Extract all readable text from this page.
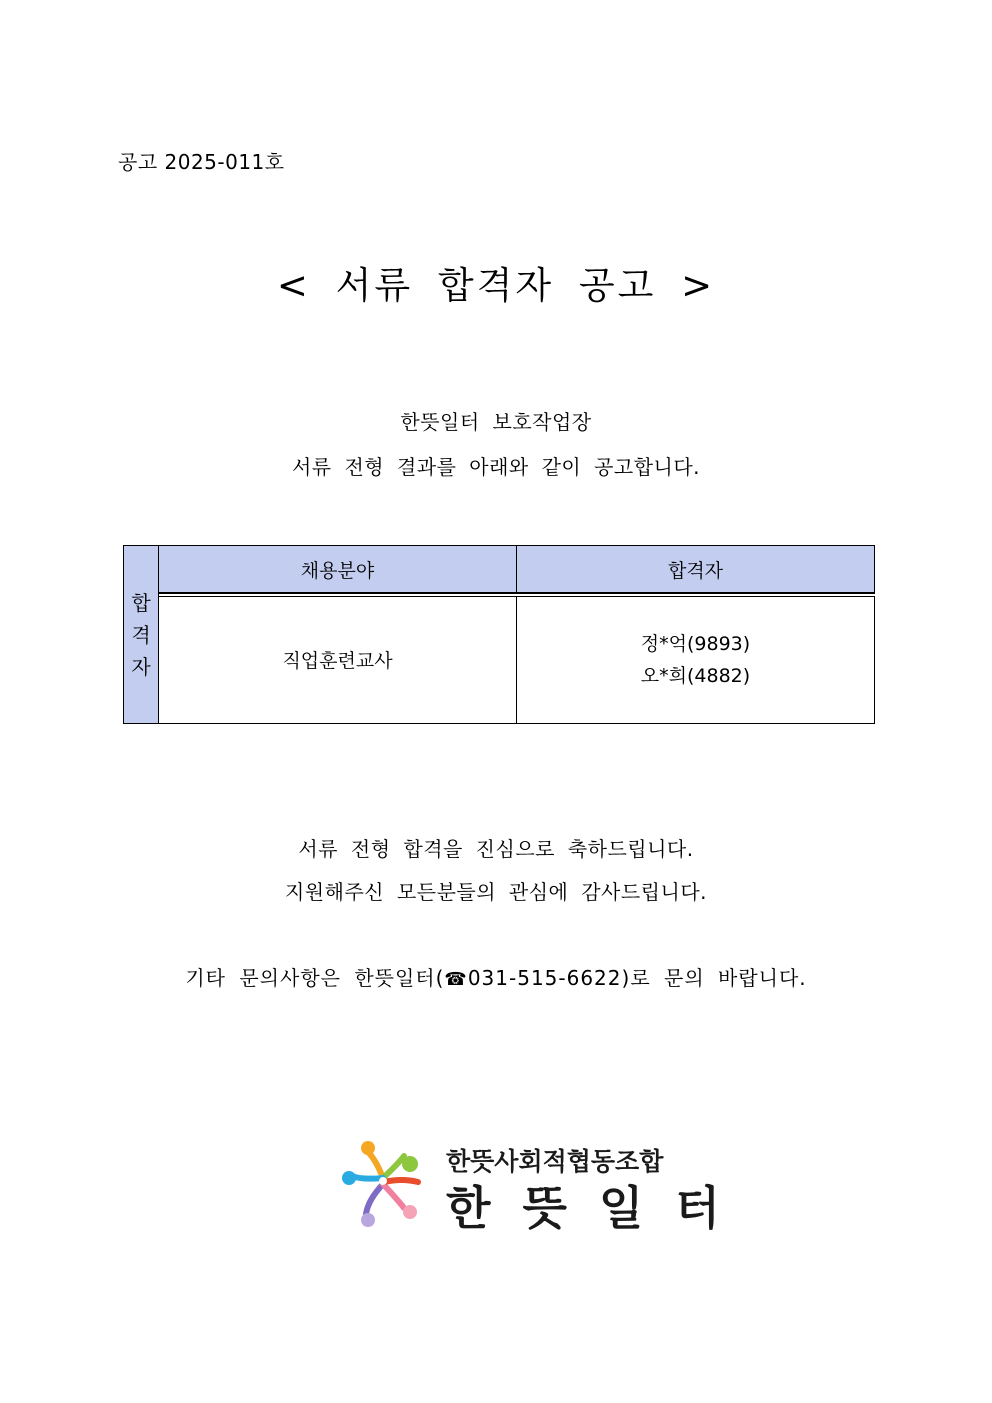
공고 2025-011호
< 서류 합격자 공고 >
한뜻일터 보호작업장
서류 전형 결과를 아래와 같이 공고합니다.
합
격
자
채용분야	합격자
직업훈련교사
정*억(9893)
오*희(4882)
서류 전형 합격을 진심으로 축하드립니다.
지원해주신 모든분들의 관심에 감사드립니다.
기타 문의사항은 한뜻일터(☎031-515-6622)로 문의 바랍니다.
한뜻사회적협동조합
한 뜻 일 터
